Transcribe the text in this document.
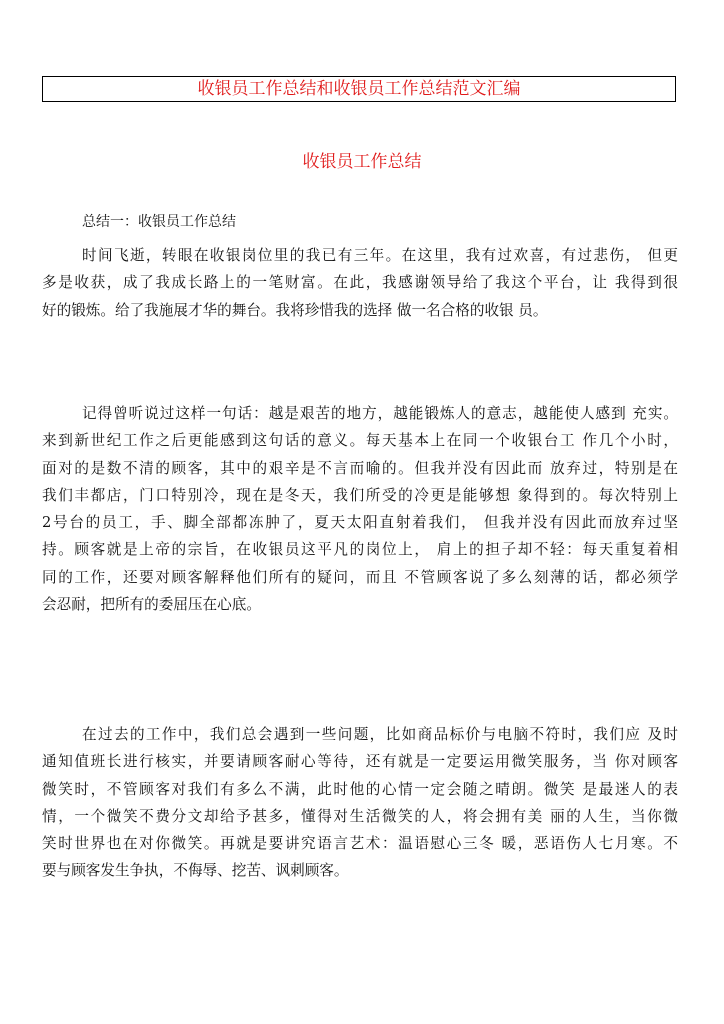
收银员工作总结和收银员工作总结范文汇编
收银员工作总结
总结一：收银员工作总结
时间飞逝，转眼在收银岗位里的我已有三年。在这里，我有过欢喜，有过悲伤， 但更
多是收获，成了我成长路上的一笔财富。在此，我感谢领导给了我这个平台，让 我得到很
好的锻炼。给了我施展才华的舞台。我将珍惜我的选择 做一名合格的收银 员。
记得曾听说过这样一句话：越是艰苦的地方，越能锻炼人的意志，越能使人感到 充实。
来到新世纪工作之后更能感到这句话的意义。每天基本上在同一个收银台工 作几个小时，
面对的是数不清的顾客，其中的艰辛是不言而喻的。但我并没有因此而 放弃过，特别是在
我们丰都店，门口特别冷，现在是冬天，我们所受的冷更是能够想 象得到的。每次特别上
2号台的员工，手、脚全部都冻肿了，夏天太阳直射着我们， 但我并没有因此而放弃过坚
持。顾客就是上帝的宗旨，在收银员这平凡的岗位上， 肩上的担子却不轻：每天重复着相
同的工作，还要对顾客解释他们所有的疑问，而且 不管顾客说了多么刻薄的话，都必须学
会忍耐，把所有的委屈压在心底。
在过去的工作中，我们总会遇到一些问题，比如商品标价与电脑不符时，我们应 及时
通知值班长进行核实，并要请顾客耐心等待，还有就是一定要运用微笑服务，当 你对顾客
微笑时，不管顾客对我们有多么不满，此时他的心情一定会随之晴朗。微笑 是最迷人的表
情，一个微笑不费分文却给予甚多，懂得对生活微笑的人，将会拥有美 丽的人生，当你微
笑时世界也在对你微笑。再就是要讲究语言艺术：温语慰心三冬 暖，恶语伤人七月寒。不
要与顾客发生争执，不侮辱、挖苦、讽刺顾客。
